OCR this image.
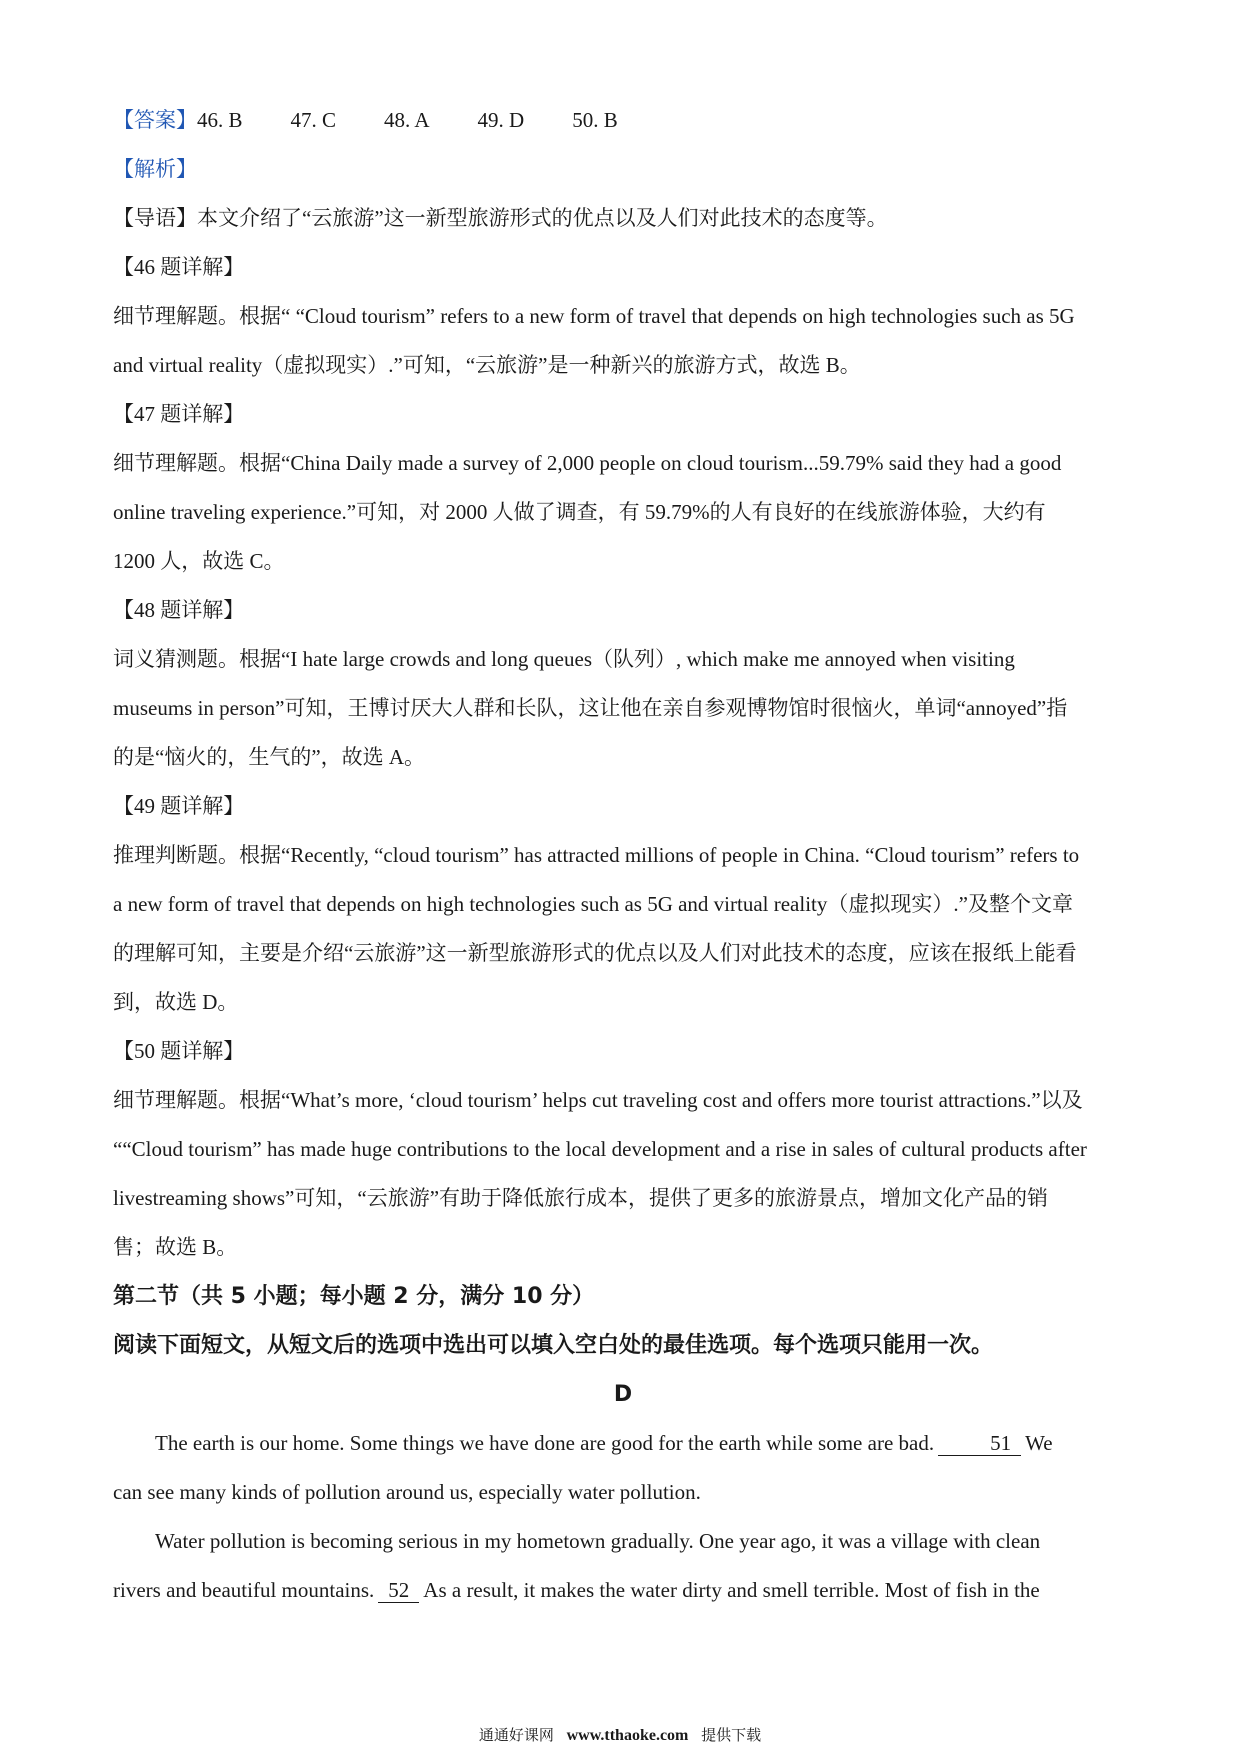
【答案】46. B 47. C 48. A 49. D 50. B
【解析】
【导语】本文介绍了“云旅游”这一新型旅游形式的优点以及人们对此技术的态度等。
【46 题详解】
细节理解题。根据“ “Cloud tourism” refers to a new form of travel that depends on high technologies such as 5G
and virtual reality（虚拟现实）.”可知，“云旅游”是一种新兴的旅游方式，故选 B。
【47 题详解】
细节理解题。根据“China Daily made a survey of 2,000 people on cloud tourism...59.79% said they had a good
online traveling experience.”可知，对 2000 人做了调查，有 59.79%的人有良好的在线旅游体验，大约有
1200 人，故选 C。
【48 题详解】
词义猜测题。根据“I hate large crowds and long queues（队列）, which make me annoyed when visiting
museums in person”可知，王博讨厌大人群和长队，这让他在亲自参观博物馆时很恼火，单词“annoyed”指
的是“恼火的，生气的”，故选 A。
【49 题详解】
推理判断题。根据“Recently, “cloud tourism” has attracted millions of people in China. “Cloud tourism” refers to
a new form of travel that depends on high technologies such as 5G and virtual reality（虚拟现实）.”及整个文章
的理解可知，主要是介绍“云旅游”这一新型旅游形式的优点以及人们对此技术的态度，应该在报纸上能看
到，故选 D。
【50 题详解】
细节理解题。根据“What’s more, ‘cloud tourism’ helps cut traveling cost and offers more tourist attractions.”以及
““Cloud tourism” has made huge contributions to the local development and a rise in sales of cultural products after
livestreaming shows”可知，“云旅游”有助于降低旅行成本，提供了更多的旅游景点，增加文化产品的销
售；故选 B。
第二节（共 5 小题；每小题 2 分，满分 10 分）
阅读下面短文，从短文后的选项中选出可以填入空白处的最佳选项。每个选项只能用一次。
D
The earth is our home. Some things we have done are good for the earth while some are bad.	51 We
can see many kinds of pollution around us, especially water pollution.
Water pollution is becoming serious in my hometown gradually. One year ago, it was a village with clean
rivers and beautiful mountains. 52 As a result, it makes the water dirty and smell terrible. Most of fish in the
通通好课网 www.tthaoke.com 提供下载
